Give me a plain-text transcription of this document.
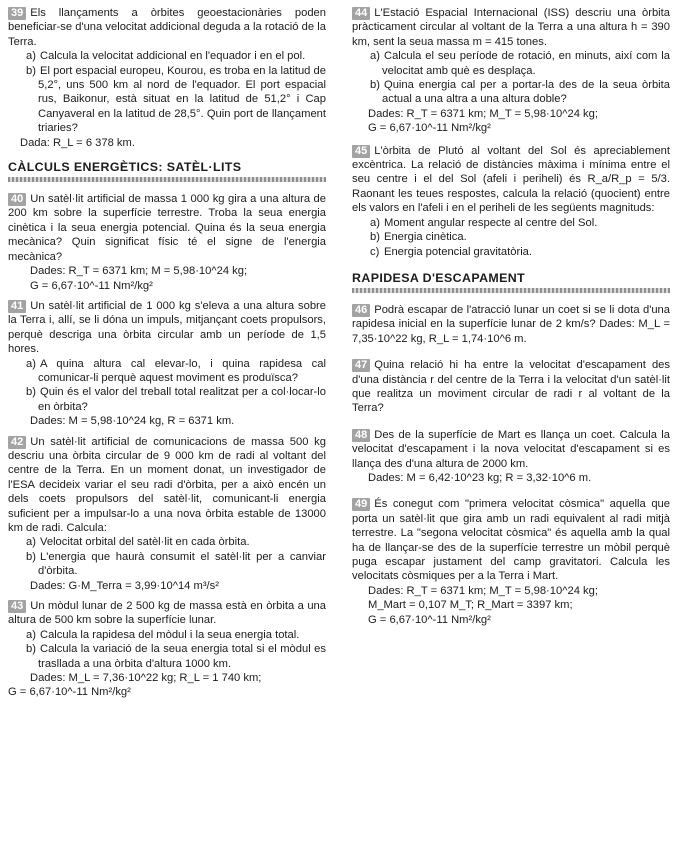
39 Els llançaments a òrbites geoestacionàries poden beneficiar-se d'una velocitat addicional deguda a la rotació de la Terra.
a) Calcula la velocitat addicional en l'equador i en el pol.
b) El port espacial europeu, Kourou, es troba en la latitud de 5,2°, uns 500 km al nord de l'equador. El port espacial rus, Baikonur, està situat en la latitud de 51,2° i Cap Canyaveral en la latitud de 28,5°. Quin port de llançament triaries?
Dada: R_L = 6 378 km.
CÀLCULS ENERGÈTICS: SATÈL·LITS
40 Un satèl·lit artificial de massa 1 000 kg gira a una altura de 200 km sobre la superfície terrestre. Troba la seua energia cinètica i la seua energia potencial. Quina és la seua energia mecànica? Quin significat físic té el signe de l'energia mecànica?
Dades: R_T = 6371 km; M = 5,98·10^24 kg;
G = 6,67·10^-11 Nm²/kg²
41 Un satèl·lit artificial de 1 000 kg s'eleva a una altura sobre la Terra i, allí, se li dóna un impuls, mitjançant coets propulsors, perquè descriga una òrbita circular amb un període de 1,5 hores.
a) A quina altura cal elevar-lo, i quina rapidesa cal comunicar-li perquè aquest moviment es produïsca?
b) Quin és el valor del treball total realitzat per a col·locar-lo en òrbita?
Dades: M = 5,98·10^24 kg, R = 6371 km.
42 Un satèl·lit artificial de comunicacions de massa 500 kg descriu una òrbita circular de 9 000 km de radi al voltant del centre de la Terra. En un moment donat, un investigador de l'ESA decideix variar el seu radi d'òrbita, per a això encén un dels coets propulsors del satèl·lit, comunicant-li energia suficient per a impulsar-lo a una nova òrbita estable de 13000 km de radi. Calcula:
a) Velocitat orbital del satèl·lit en cada òrbita.
b) L'energia que haurà consumit el satèl·lit per a canviar d'òrbita.
Dades: G·M_Terra = 3,99·10^14 m³/s²
43 Un mòdul lunar de 2 500 kg de massa està en òrbita a una altura de 500 km sobre la superfície lunar.
a) Calcula la rapidesa del mòdul i la seua energia total.
b) Calcula la variació de la seua energia total si el mòdul es trasllada a una òrbita d'altura 1000 km.
Dades: M_L = 7,36·10^22 kg; R_L = 1 740 km;
G = 6,67·10^-11 Nm²/kg²
44 L'Estació Espacial Internacional (ISS) descriu una òrbita pràcticament circular al voltant de la Terra a una altura h = 390 km, sent la seua massa m = 415 tones.
a) Calcula el seu període de rotació, en minuts, així com la velocitat amb què es desplaça.
b) Quina energia cal per a portar-la des de la seua òrbita actual a una altra a una altura doble?
Dades: R_T = 6371 km; M_T = 5,98·10^24 kg;
G = 6,67·10^-11 Nm²/kg²
45 L'òrbita de Plutó al voltant del Sol és apreciablement excèntrica. La relació de distàncies màxima i mínima entre el seu centre i el del Sol (afeli i periheli) és R_a/R_p = 5/3. Raonant les teues respostes, calcula la relació (quocient) entre els valors en l'afeli i en el periheli de les següents magnituds:
a) Moment angular respecte al centre del Sol.
b) Energia cinètica.
c) Energia potencial gravitatòria.
RAPIDESA D'ESCAPAMENT
46 Podrà escapar de l'atracció lunar un coet si se li dota d'una rapidesa inicial en la superfície lunar de 2 km/s? Dades: M_L = 7,35·10^22 kg, R_L = 1,74·10^6 m.
47 Quina relació hi ha entre la velocitat d'escapament des d'una distància r del centre de la Terra i la velocitat d'un satèl·lit que realitza un moviment circular de radi r al voltant de la Terra?
48 Des de la superfície de Mart es llança un coet. Calcula la velocitat d'escapament i la nova velocitat d'escapament si es llança des d'una altura de 2000 km.
Dades: M = 6,42·10^23 kg; R = 3,32·10^6 m.
49 És conegut com "primera velocitat còsmica" aquella que porta un satèl·lit que gira amb un radi equivalent al radi mitjà terrestre. La "segona velocitat còsmica" és aquella amb la qual ha de llançar-se des de la superfície terrestre un mòbil perquè puga escapar justament del camp gravitatori. Calcula les velocitats còsmiques per a la Terra i Mart.
Dades: R_T = 6371 km; M_T = 5,98·10^24 kg;
M_Mart = 0,107 M_T; R_Mart = 3397 km;
G = 6,67·10^-11 Nm²/kg²
